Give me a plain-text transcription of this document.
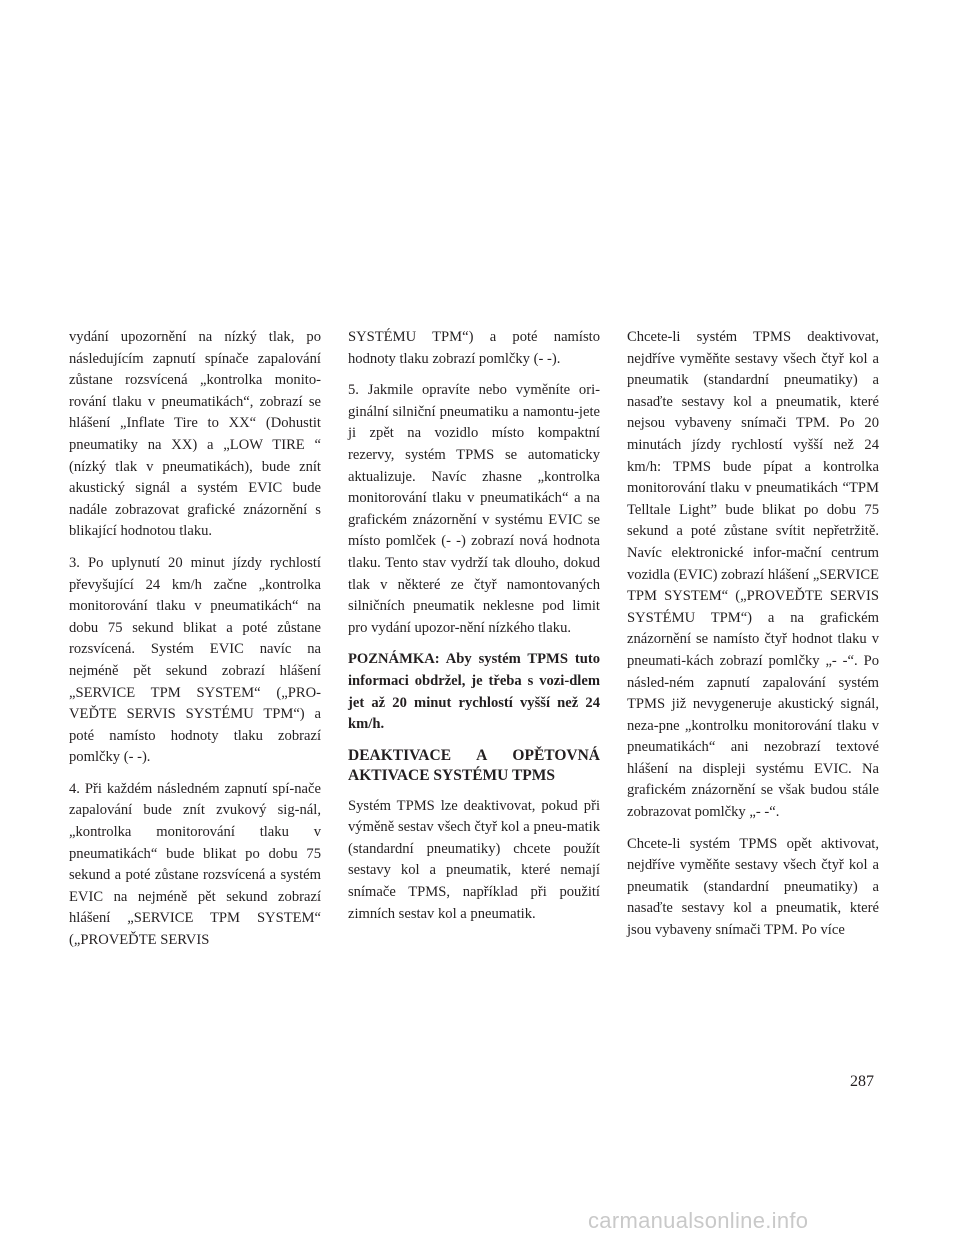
vydání upozornění na nízký tlak, po následujícím zapnutí spínače zapalování zůstane rozsvícená „kontrolka monito-rování tlaku v pneumatikách“, zobrazí se hlášení „Inflate Tire to XX“ (Dohustit pneumatiky na XX) a „LOW TIRE “ (nízký tlak v pneumatikách), bude znít akustický signál a systém EVIC bude nadále zobrazovat grafické znázornění s blikající hodnotou tlaku.

3. Po uplynutí 20 minut jízdy rychlostí převyšující 24 km/h začne „kontrolka monitorování tlaku v pneumatikách“ na dobu 75 sekund blikat a poté zůstane rozsvícená. Systém EVIC navíc na nejméně pět sekund zobrazí hlášení „SERVICE TPM SYSTEM“ („PRO-VEĎTE SERVIS SYSTÉMU TPM“) a poté namísto hodnoty tlaku zobrazí pomlčky (- -).

4. Při každém následném zapnutí spí-nače zapalování bude znít zvukový sig-nál, „kontrolka monitorování tlaku v pneumatikách“ bude blikat po dobu 75 sekund a poté zůstane rozsvícená a systém EVIC na nejméně pět sekund zobrazí hlášení „SERVICE TPM SYSTEM“ („PROVEĎTE SERVIS

SYSTÉMU TPM“) a poté namísto hodnoty tlaku zobrazí pomlčky (- -).

5. Jakmile opravíte nebo vyměníte ori-ginální silniční pneumatiku a namontu-jete ji zpět na vozidlo místo kompaktní rezervy, systém TPMS se automaticky aktualizuje. Navíc zhasne „kontrolka monitorování tlaku v pneumatikách“ a na grafickém znázornění v systému EVIC se místo pomlček (- -) zobrazí nová hodnota tlaku. Tento stav vydrží tak dlouho, dokud tlak v některé ze čtyř namontovaných silničních pneumatik neklesne pod limit pro vydání upozor-nění nízkého tlaku.

POZNÁMKA: Aby systém TPMS tuto informaci obdržel, je třeba s vozi-dlem jet až 20 minut rychlostí vyšší než 24 km/h.

DEAKTIVACE A OPĚTOVNÁ AKTIVACE SYSTÉMU TPMS

Systém TPMS lze deaktivovat, pokud při výměně sestav všech čtyř kol a pneu-matik (standardní pneumatiky) chcete použít sestavy kol a pneumatik, které nemají snímače TPMS, například při použití zimních sestav kol a pneumatik.

Chcete-li systém TPMS deaktivovat, nejdříve vyměňte sestavy všech čtyř kol a pneumatik (standardní pneumatiky) a nasaďte sestavy kol a pneumatik, které nejsou vybaveny snímači TPM. Po 20 minutách jízdy rychlostí vyšší než 24 km/h: TPMS bude pípat a kontrolka monitorování tlaku v pneumatikách “TPM Telltale Light” bude blikat po dobu 75 sekund a poté zůstane svítit nepřetržitě. Navíc elektronické infor-mační centrum vozidla (EVIC) zobrazí hlášení „SERVICE TPM SYSTEM“ („PROVEĎTE SERVIS SYSTÉMU TPM“) a na grafickém znázornění se namísto čtyř hodnot tlaku v pneumati-kách zobrazí pomlčky „- -“. Po násled-ném zapnutí zapalování systém TPMS již nevygeneruje akustický signál, neza-pne „kontrolku monitorování tlaku v pneumatikách“ ani nezobrazí textové hlášení na displeji systému EVIC. Na grafickém znázornění se však budou stále zobrazovat pomlčky „- -“.

Chcete-li systém TPMS opět aktivovat, nejdříve vyměňte sestavy všech čtyř kol a pneumatik (standardní pneumatiky) a nasaďte sestavy kol a pneumatik, které jsou vybaveny snímači TPM. Po více

287
carmanualsonline.info
